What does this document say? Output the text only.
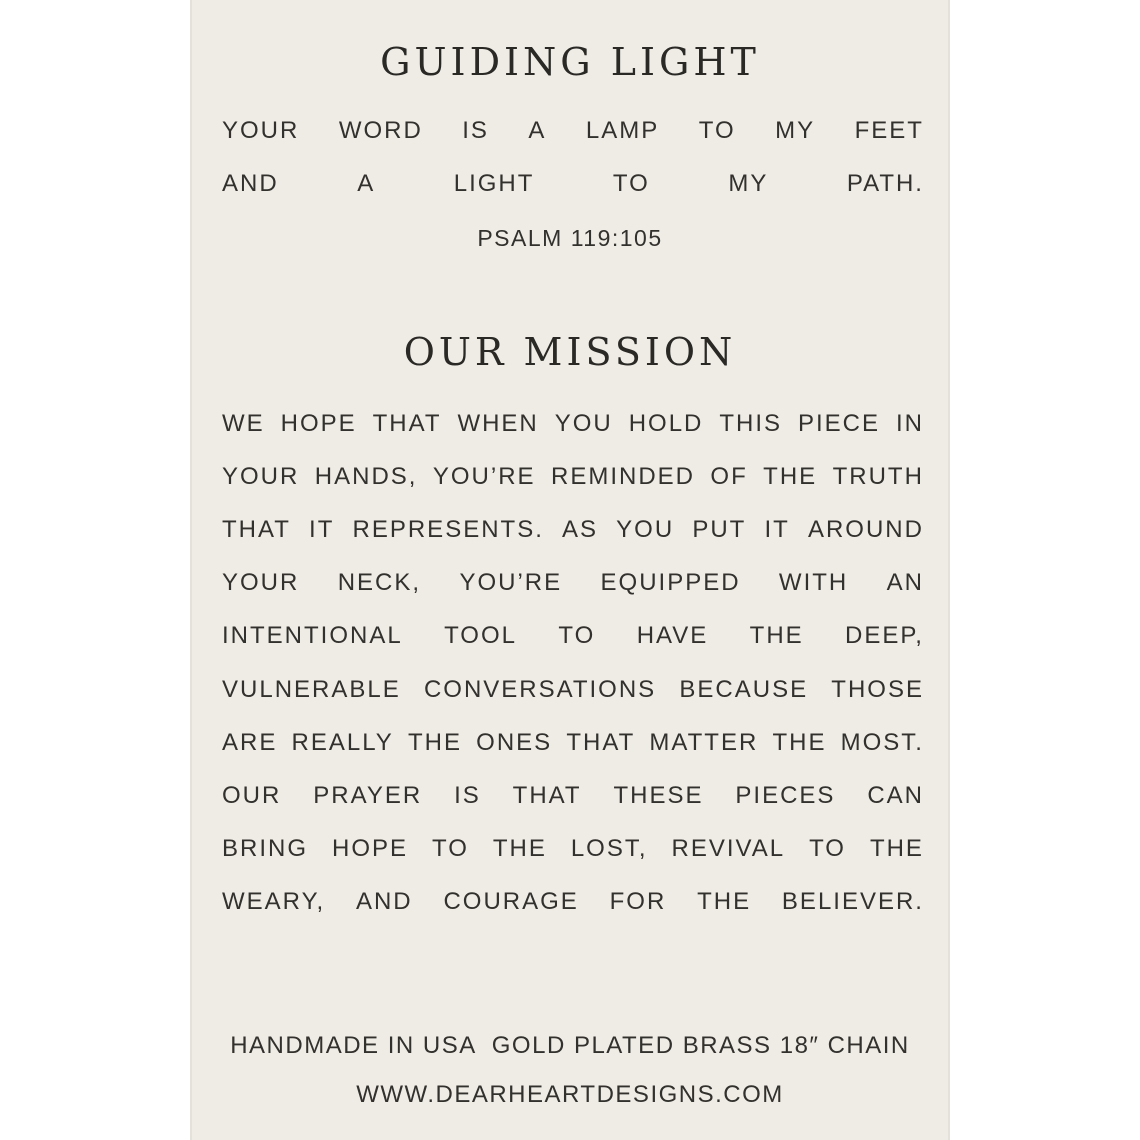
GUIDING LIGHT
YOUR WORD IS A LAMP TO MY FEET
AND	A	LIGHT	TO	MY	PATH.
PSALM 119:105
OUR MISSION
WE HOPE THAT WHEN YOU HOLD THIS PIECE IN
YOUR HANDS, YOU’RE REMINDED OF THE TRUTH
THAT IT REPRESENTS. AS YOU PUT IT AROUND
YOUR NECK, YOU’RE EQUIPPED WITH AN
INTENTIONAL TOOL TO HAVE THE DEEP,
VULNERABLE CONVERSATIONS BECAUSE THOSE
ARE REALLY THE ONES THAT MATTER THE MOST.
OUR PRAYER IS THAT THESE PIECES CAN
BRING HOPE TO THE LOST, REVIVAL TO THE
WEARY, AND COURAGE FOR THE BELIEVER.
HANDMADE IN USA  GOLD PLATED BRASS 18″ CHAIN
WWW.DEARHEARTDESIGNS.COM
